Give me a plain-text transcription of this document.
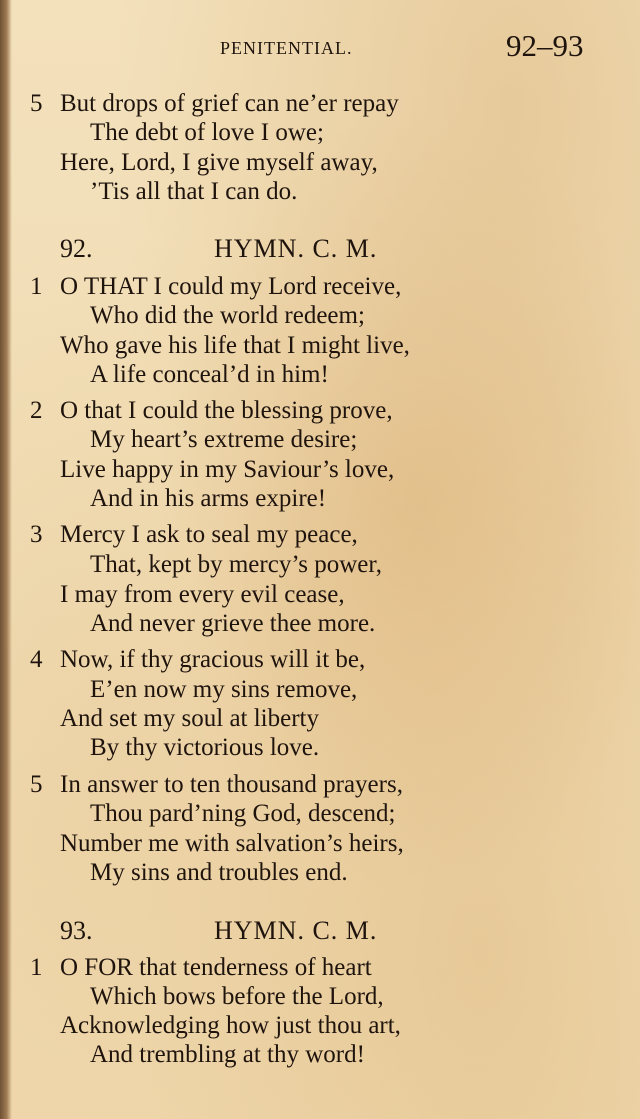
PENITENTIAL.	92–93
5 But drops of grief can ne’er repay
The debt of love I owe;
Here, Lord, I give myself away,
’Tis all that I can do.
92.	HYMN. C. M.
1 O THAT I could my Lord receive,
Who did the world redeem;
Who gave his life that I might live,
A life conceal’d in him!
2 O that I could the blessing prove,
My heart’s extreme desire;
Live happy in my Saviour’s love,
And in his arms expire!
3 Mercy I ask to seal my peace,
That, kept by mercy’s power,
I may from every evil cease,
And never grieve thee more.
4 Now, if thy gracious will it be,
E’en now my sins remove,
And set my soul at liberty
By thy victorious love.
5 In answer to ten thousand prayers,
Thou pard’ning God, descend;
Number me with salvation’s heirs,
My sins and troubles end.
93.	HYMN. C. M.
1 O FOR that tenderness of heart
Which bows before the Lord,
Acknowledging how just thou art,
And trembling at thy word!
